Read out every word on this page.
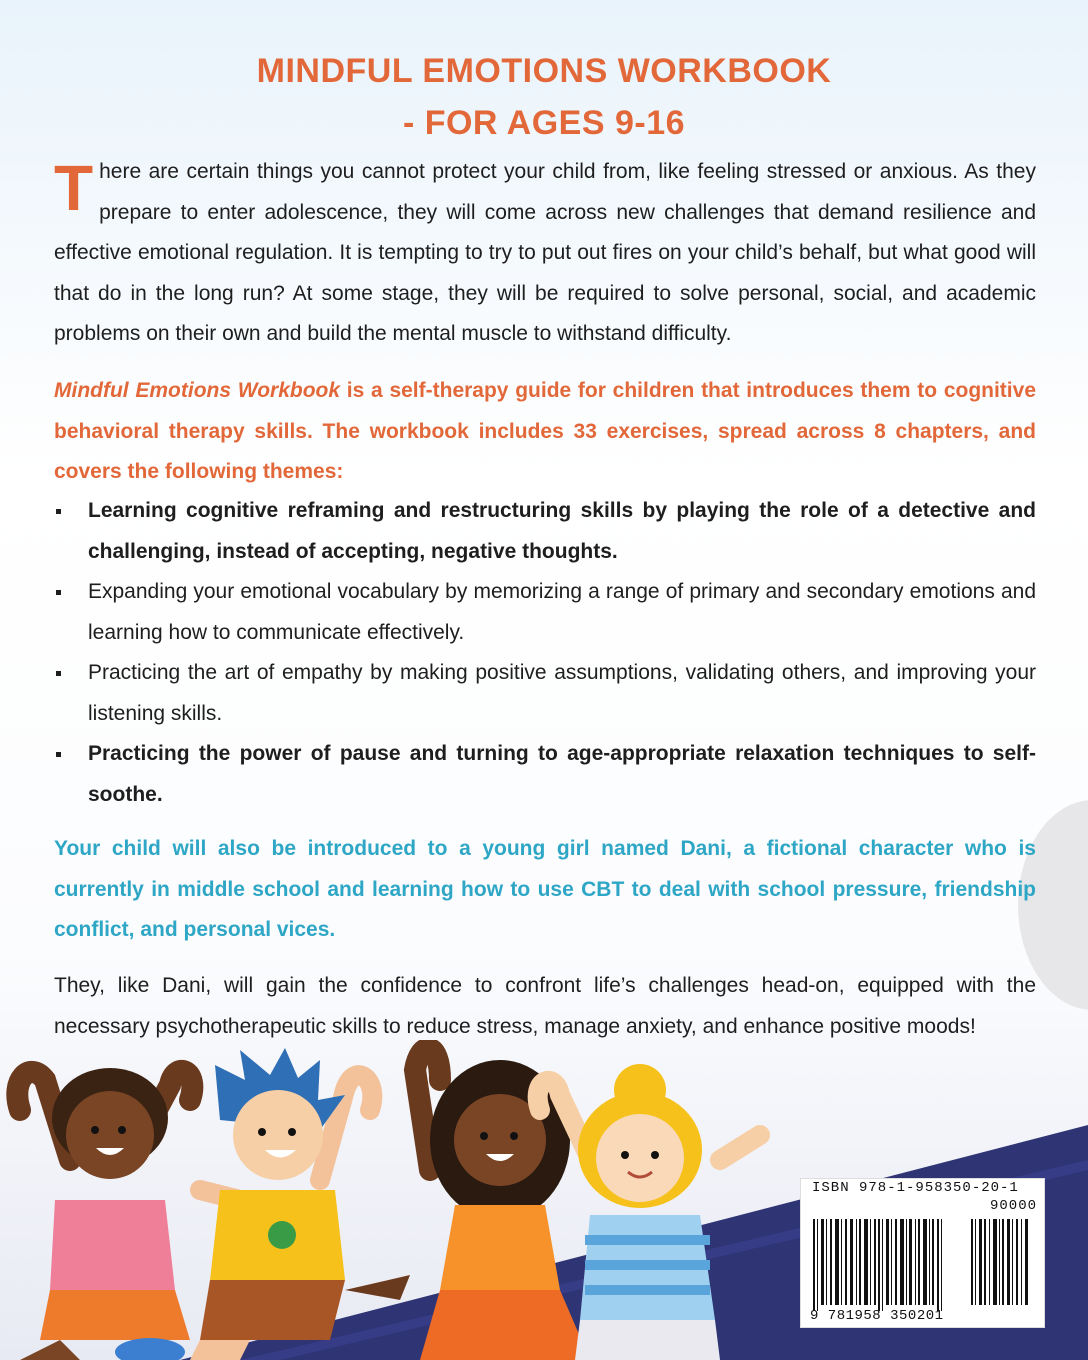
MINDFUL EMOTIONS WORKBOOK
- FOR AGES 9-16
There are certain things you cannot protect your child from, like feeling stressed or anxious. As they prepare to enter adolescence, they will come across new challenges that demand resilience and effective emotional regulation. It is tempting to try to put out fires on your child’s behalf, but what good will that do in the long run? At some stage, they will be required to solve personal, social, and academic problems on their own and build the mental muscle to withstand difficulty.
Mindful Emotions Workbook is a self-therapy guide for children that introduces them to cognitive behavioral therapy skills. The workbook includes 33 exercises, spread across 8 chapters, and covers the following themes:
Learning cognitive reframing and restructuring skills by playing the role of a detective and challenging, instead of accepting, negative thoughts.
Expanding your emotional vocabulary by memorizing a range of primary and secondary emotions and learning how to communicate effectively.
Practicing the art of empathy by making positive assumptions, validating others, and improving your listening skills.
Practicing the power of pause and turning to age-appropriate relaxation techniques to self-soothe.
Your child will also be introduced to a young girl named Dani, a fictional character who is currently in middle school and learning how to use CBT to deal with school pressure, friendship conflict, and personal vices.
They, like Dani, will gain the confidence to confront life’s challenges head-on, equipped with the necessary psychotherapeutic skills to reduce stress, manage anxiety, and enhance positive moods!
ISBN 978-1-958350-20-1
90000
9 781958 350201
